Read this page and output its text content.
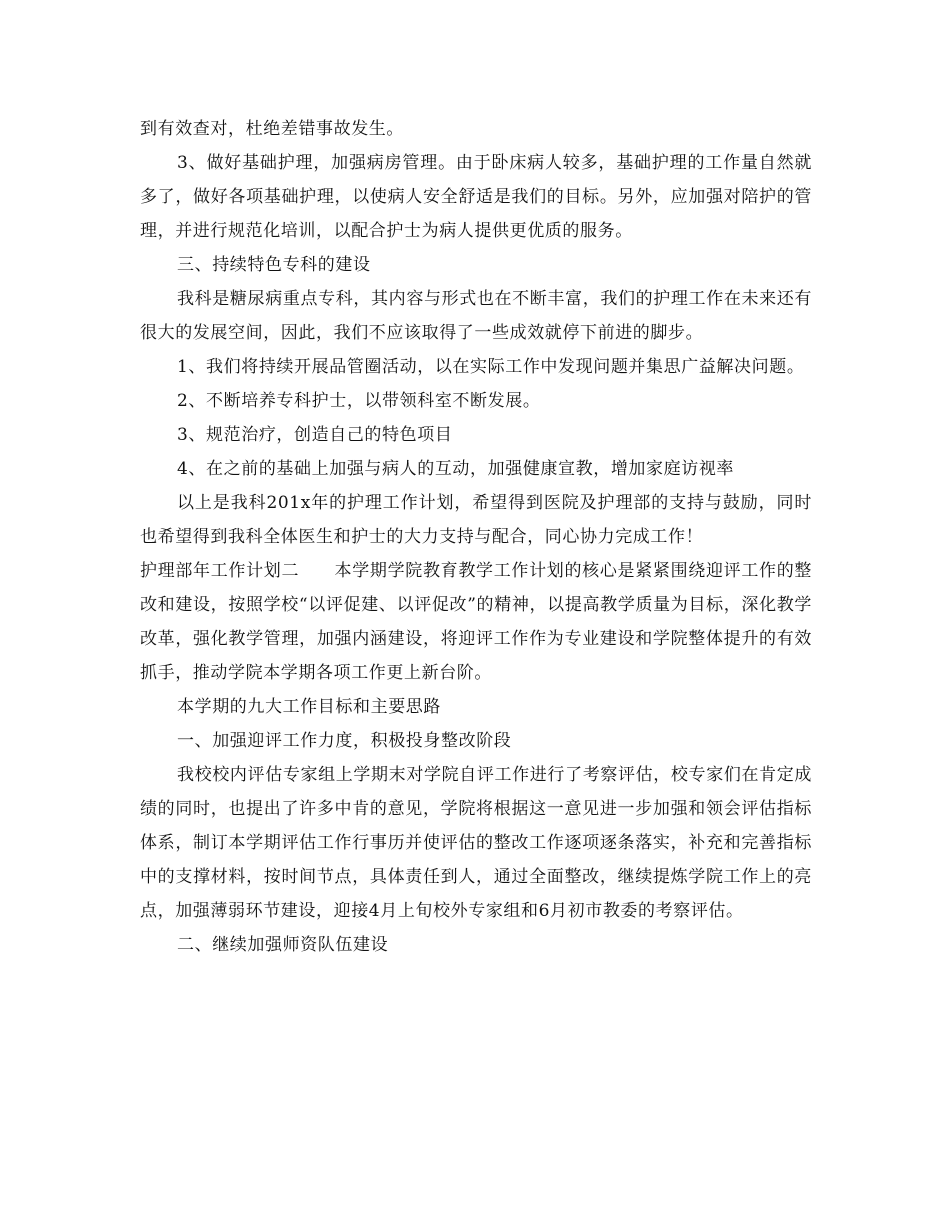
到有效查对，杜绝差错事故发生。

3、做好基础护理，加强病房管理。由于卧床病人较多，基础护理的工作量自然就多了，做好各项基础护理，以使病人安全舒适是我们的目标。另外，应加强对陪护的管理，并进行规范化培训，以配合护士为病人提供更优质的服务。

三、持续特色专科的建设

我科是糖尿病重点专科，其内容与形式也在不断丰富，我们的护理工作在未来还有很大的发展空间，因此，我们不应该取得了一些成效就停下前进的脚步。

1、我们将持续开展品管圈活动，以在实际工作中发现问题并集思广益解决问题。

2、不断培养专科护士，以带领科室不断发展。

3、规范治疗，创造自己的特色项目

4、在之前的基础上加强与病人的互动，加强健康宣教，增加家庭访视率

以上是我科201x年的护理工作计划，希望得到医院及护理部的支持与鼓励，同时也希望得到我科全体医生和护士的大力支持与配合，同心协力完成工作！

护理部年工作计划二　　本学期学院教育教学工作计划的核心是紧紧围绕迎评工作的整改和建设，按照学校“以评促建、以评促改”的精神，以提高教学质量为目标，深化教学改革，强化教学管理，加强内涵建设，将迎评工作作为专业建设和学院整体提升的有效抓手，推动学院本学期各项工作更上新台阶。

本学期的九大工作目标和主要思路

一、加强迎评工作力度，积极投身整改阶段

我校校内评估专家组上学期末对学院自评工作进行了考察评估，校专家们在肯定成绩的同时，也提出了许多中肯的意见，学院将根据这一意见进一步加强和领会评估指标体系，制订本学期评估工作行事历并使评估的整改工作逐项逐条落实，补充和完善指标中的支撑材料，按时间节点，具体责任到人，通过全面整改，继续提炼学院工作上的亮点，加强薄弱环节建设，迎接4月上旬校外专家组和6月初市教委的考察评估。

二、继续加强师资队伍建设
